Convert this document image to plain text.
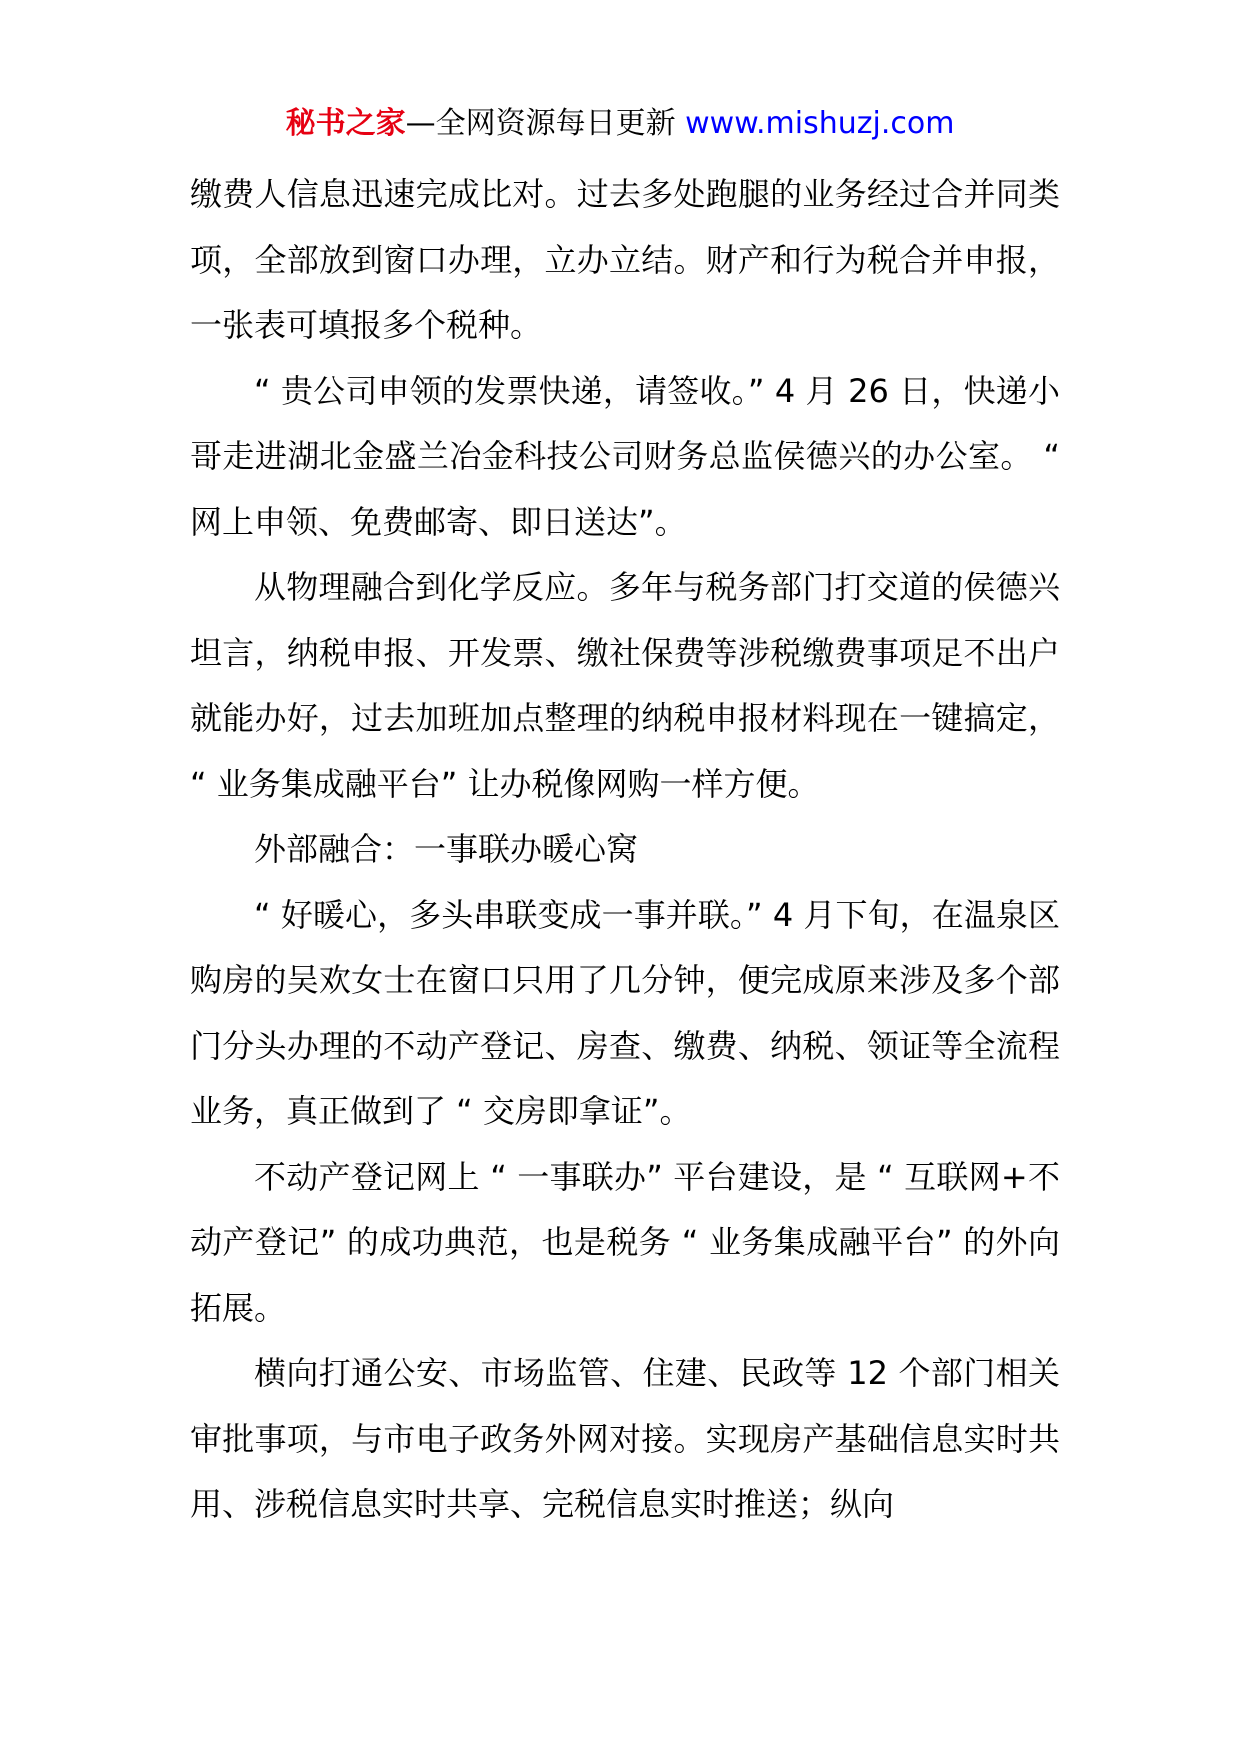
秘书之家—全网资源每日更新 www.mishuzj.com

缴费人信息迅速完成比对。过去多处跑腿的业务经过合并同类项，全部放到窗口办理，立办立结。财产和行为税合并申报，一张表可填报多个税种。

“ 贵公司申领的发票快递，请签收。” 4 月 26 日，快递小哥走进湖北金盛兰冶金科技公司财务总监侯德兴的办公室。 “ 网上申领、免费邮寄、即日送达”。

从物理融合到化学反应。多年与税务部门打交道的侯德兴坦言，纳税申报、开发票、缴社保费等涉税缴费事项足不出户就能办好，过去加班加点整理的纳税申报材料现在一键搞定， “ 业务集成融平台” 让办税像网购一样方便。

外部融合：一事联办暖心窝

“ 好暖心，多头串联变成一事并联。” 4 月下旬，在温泉区购房的吴欢女士在窗口只用了几分钟，便完成原来涉及多个部门分头办理的不动产登记、房查、缴费、纳税、领证等全流程业务，真正做到了 “ 交房即拿证”。

不动产登记网上 “ 一事联办” 平台建设，是 “ 互联网+不动产登记” 的成功典范，也是税务 “ 业务集成融平台” 的外向拓展。

横向打通公安、市场监管、住建、民政等 12 个部门相关审批事项，与市电子政务外网对接。实现房产基础信息实时共用、涉税信息实时共享、完税信息实时推送；纵向
